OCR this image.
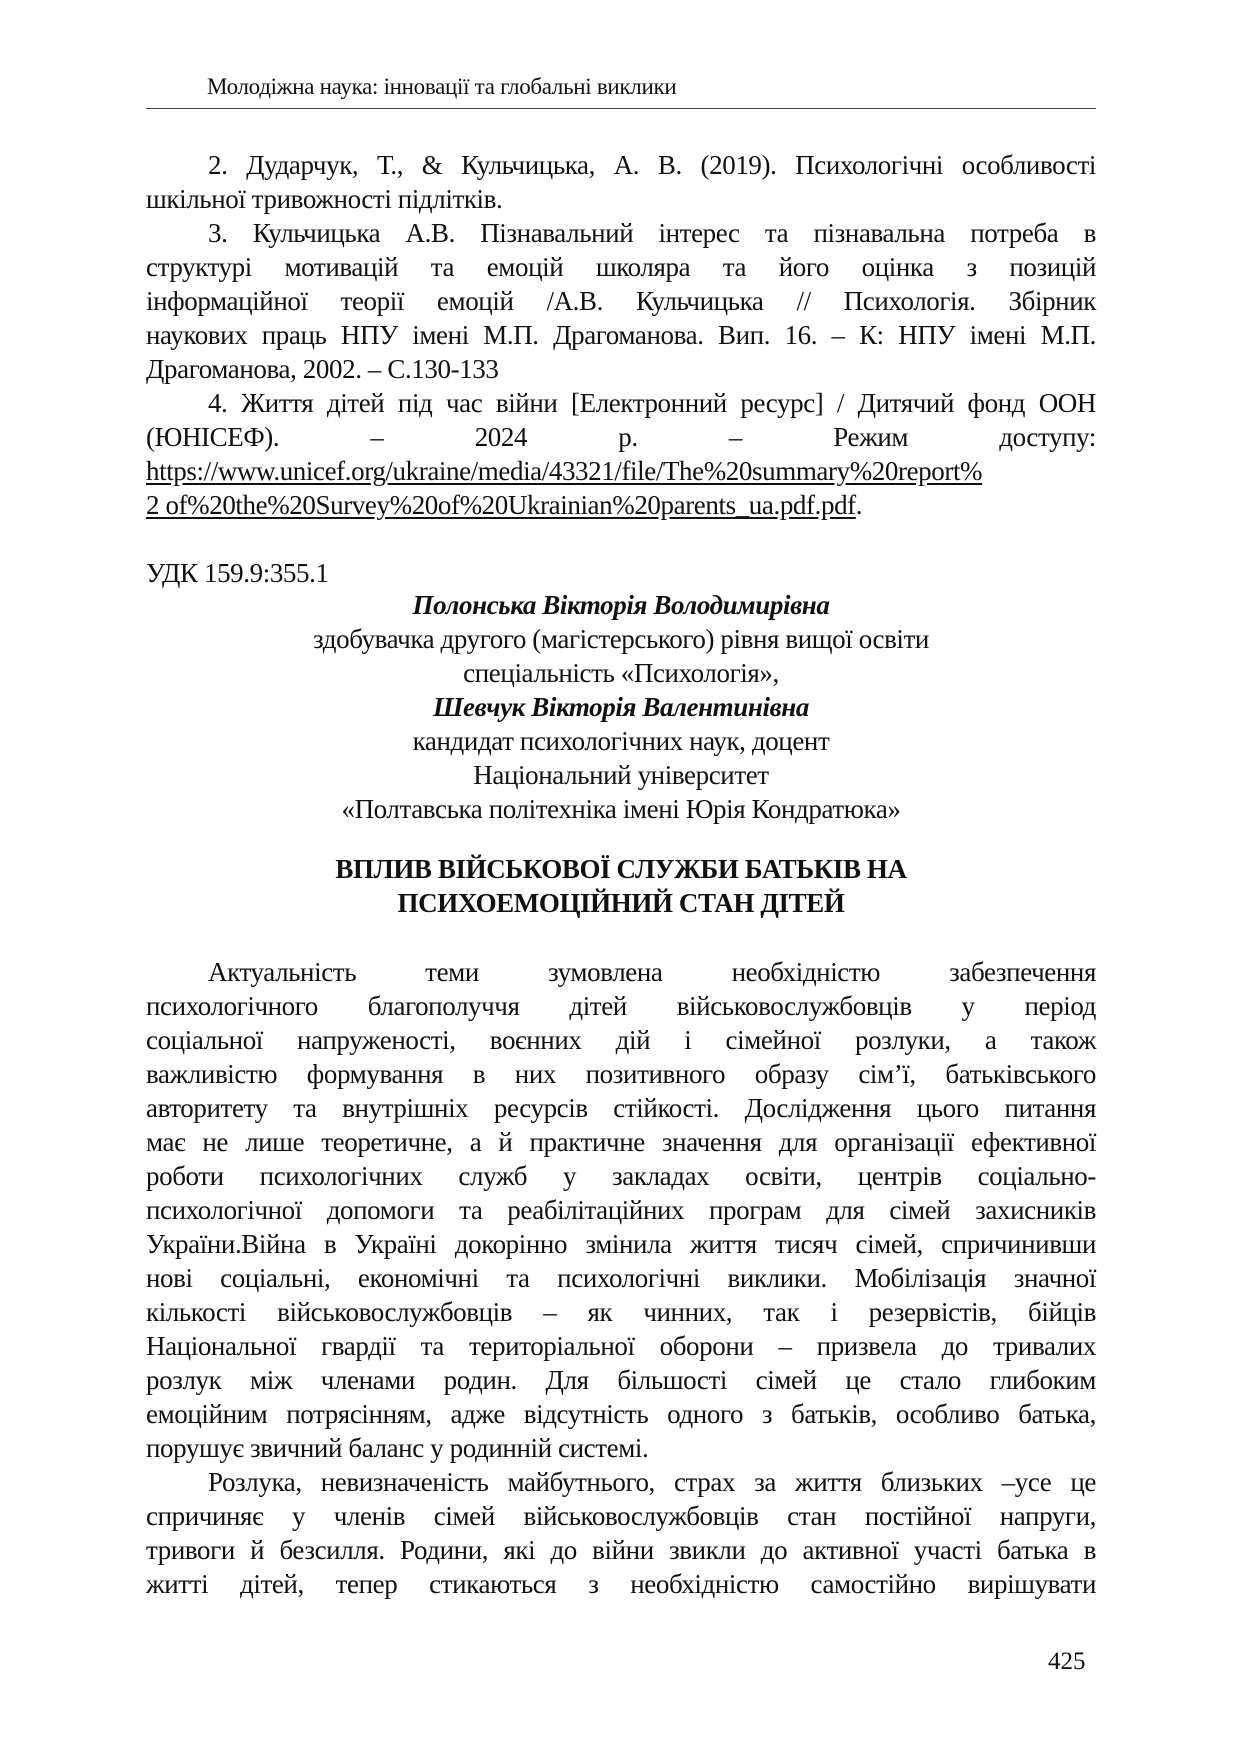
Молодіжна наука: інновації та глобальні виклики
2. Дударчук, Т., & Кульчицька, А. В. (2019). Психологічні особливості
шкільної тривожності підлітків.
3. Кульчицька А.В. Пізнавальний інтерес та пізнавальна потреба в
структурі мотивацій та емоцій школяра та його оцінка з позицій
інформаційної теорії емоцій /А.В. Кульчицька // Психологія. Збірник
наукових праць НПУ імені М.П. Драгоманова. Вип. 16. – К: НПУ імені М.П.
Драгоманова, 2002. – С.130-133
4. Життя дітей під час війни [Електронний ресурс] / Дитячий фонд ООН
(ЮНІСЕФ).    –    2024    р.    –    Режим    доступу:
https://www.unicef.org/ukraine/media/43321/file/The%20summary%20report%
2 of%20the%20Survey%20of%20Ukrainian%20parents_ua.pdf.pdf.
УДК 159.9:355.1
Полонська Вікторія Володимирівна
здобувачка другого (магістерського) рівня вищої освіти
спеціальність «Психологія»,
Шевчук Вікторія Валентинівна
кандидат психологічних наук, доцент
Національний університет
«Полтавська політехніка імені Юрія Кондратюка»
ВПЛИВ ВІЙСЬКОВОЇ СЛУЖБИ БАТЬКІВ НА
ПСИХОЕМОЦІЙНИЙ СТАН ДІТЕЙ
Актуальність теми зумовлена необхідністю забезпечення
психологічного благополуччя дітей військовослужбовців у період
соціальної напруженості, воєнних дій і сімейної розлуки, а також
важливістю формування в них позитивного образу сім’ї, батьківського
авторитету та внутрішніх ресурсів стійкості. Дослідження цього питання
має не лише теоретичне, а й практичне значення для організації ефективної
роботи психологічних служб у закладах освіти, центрів соціально-
психологічної допомоги та реабілітаційних програм для сімей захисників
України.Війна в Україні докорінно змінила життя тисяч сімей, спричинивши
нові соціальні, економічні та психологічні виклики. Мобілізація значної
кількості військовослужбовців – як чинних, так і резервістів, бійців
Національної гвардії та територіальної оборони – призвела до тривалих
розлук між членами родин. Для більшості сімей це стало глибоким
емоційним потрясінням, адже відсутність одного з батьків, особливо батька,
порушує звичний баланс у родинній системі.
Розлука, невизначеність майбутнього, страх за життя близьких –усе це
спричиняє у членів сімей військовослужбовців стан постійної напруги,
тривоги й безсилля. Родини, які до війни звикли до активної участі батька в
житті дітей, тепер стикаються з необхідністю самостійно вирішувати
425
